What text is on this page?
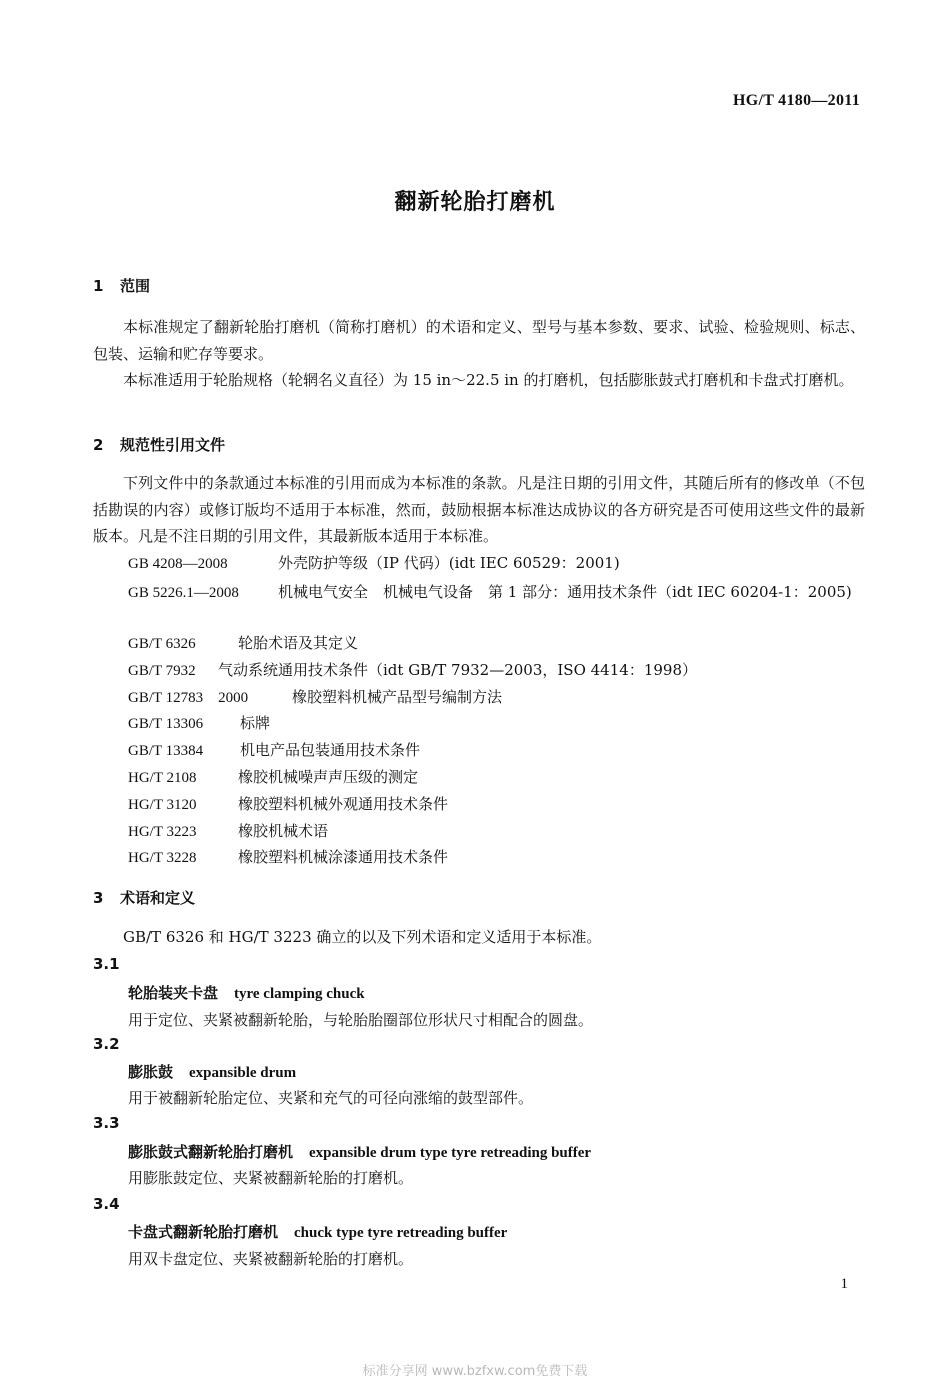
HG/T 4180—2011
翻新轮胎打磨机
1 范围
本标准规定了翻新轮胎打磨机（简称打磨机）的术语和定义、型号与基本参数、要求、试验、检验规则、标志、包装、运输和贮存等要求。
本标准适用于轮胎规格（轮辋名义直径）为 15 in～22.5 in 的打磨机，包括膨胀鼓式打磨机和卡盘式打磨机。
2 规范性引用文件
下列文件中的条款通过本标准的引用而成为本标准的条款。凡是注日期的引用文件，其随后所有的修改单（不包括勘误的内容）或修订版均不适用于本标准，然而，鼓励根据本标准达成协议的各方研究是否可使用这些文件的最新版本。凡是不注日期的引用文件，其最新版本适用于本标准。
GB 4208—2008	外壳防护等级（IP 代码）(idt IEC 60529：2001)
GB 5226.1—2008	机械电气安全　机械电气设备　第 1 部分：通用技术条件（idt IEC 60204-1：2005)
GB/T 6326	轮胎术语及其定义
GB/T 7932 气动系统通用技术条件（idt GB/T 7932—2003，ISO 4414：1998）
GB/T 12783　2000	橡胶塑料机械产品型号编制方法
GB/T 13306 标牌
GB/T 13384 机电产品包装通用技术条件
HG/T 2108	橡胶机械噪声声压级的测定
HG/T 3120	橡胶塑料机械外观通用技术条件
HG/T 3223	橡胶机械术语
HG/T 3228	橡胶塑料机械涂漆通用技术条件
3 术语和定义
GB/T 6326 和 HG/T 3223 确立的以及下列术语和定义适用于本标准。
3.1
轮胎装夹卡盘 tyre clamping chuck
用于定位、夹紧被翻新轮胎，与轮胎胎圈部位形状尺寸相配合的圆盘。
3.2
膨胀鼓 expansible drum
用于被翻新轮胎定位、夹紧和充气的可径向涨缩的鼓型部件。
3.3
膨胀鼓式翻新轮胎打磨机 expansible drum type tyre retreading buffer
用膨胀鼓定位、夹紧被翻新轮胎的打磨机。
3.4
卡盘式翻新轮胎打磨机 chuck type tyre retreading buffer
用双卡盘定位、夹紧被翻新轮胎的打磨机。
1
标准分享网 www.bzfxw.com免费下载
